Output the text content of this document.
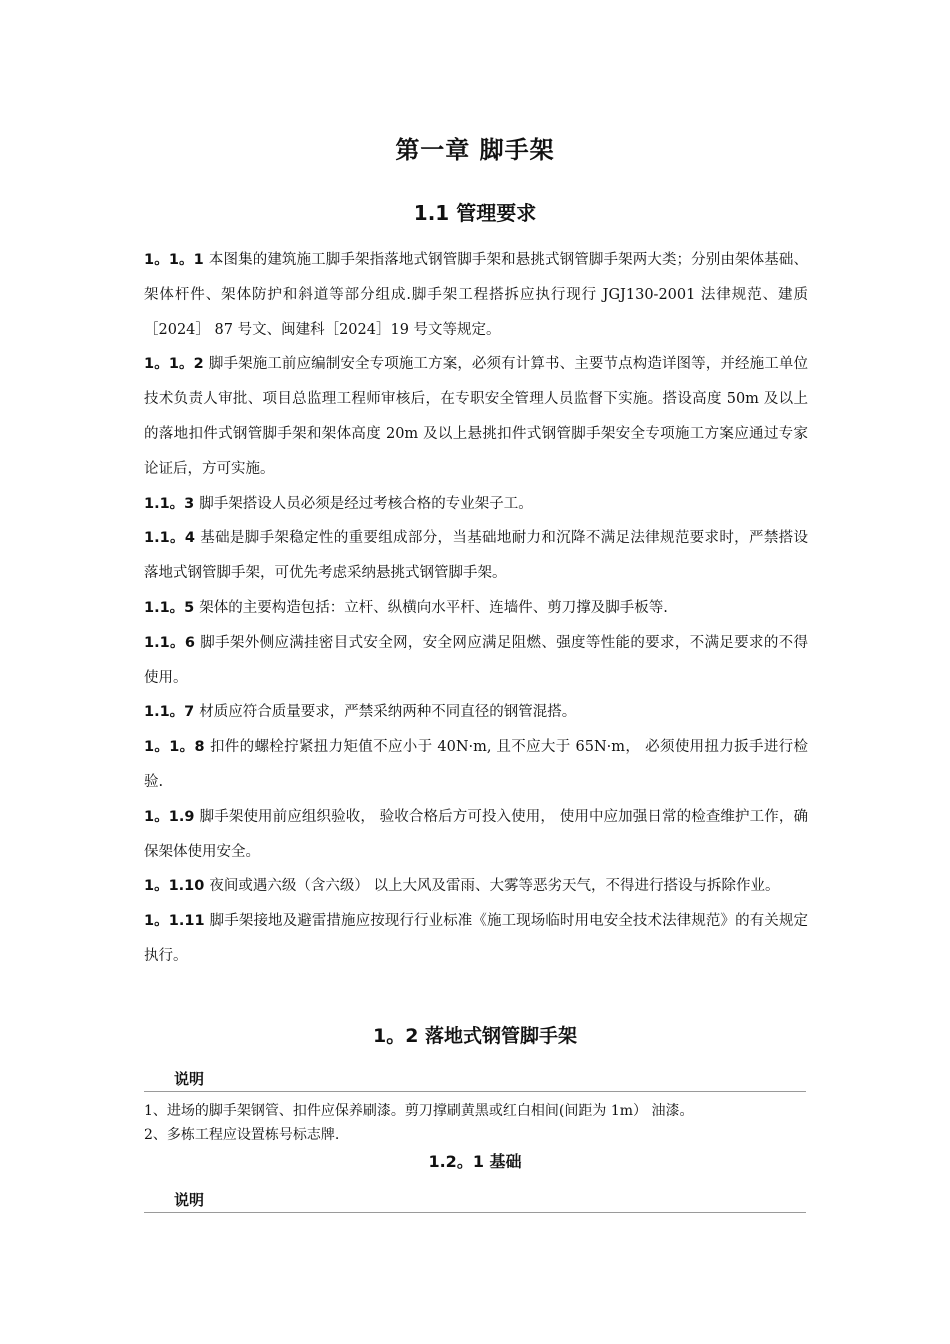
第一章 脚手架
1.1 管理要求

1。1。1 本图集的建筑施工脚手架指落地式钢管脚手架和悬挑式钢管脚手架两大类；分别由架体基础、架体杆件、架体防护和斜道等部分组成.脚手架工程搭拆应执行现行 JGJ130-2001 法律规范、建质［2024］ 87 号文、闽建科［2024］19 号文等规定。

1。1。2 脚手架施工前应编制安全专项施工方案，必须有计算书、主要节点构造详图等，并经施工单位技术负责人审批、项目总监理工程师审核后，在专职安全管理人员监督下实施。搭设高度 50m 及以上的落地扣件式钢管脚手架和架体高度 20m 及以上悬挑扣件式钢管脚手架安全专项施工方案应通过专家论证后，方可实施。

1.1。3 脚手架搭设人员必须是经过考核合格的专业架子工。

1.1。4 基础是脚手架稳定性的重要组成部分，当基础地耐力和沉降不满足法律规范要求时，严禁搭设落地式钢管脚手架，可优先考虑采纳悬挑式钢管脚手架。

1.1。5 架体的主要构造包括：立杆、纵横向水平杆、连墙件、剪刀撑及脚手板等.

1.1。6 脚手架外侧应满挂密目式安全网，安全网应满足阻燃、强度等性能的要求，不满足要求的不得使用。

1.1。7 材质应符合质量要求，严禁采纳两种不同直径的钢管混搭。

1。1。8 扣件的螺栓拧紧扭力矩值不应小于 40N·m, 且不应大于 65N·m， 必须使用扭力扳手进行检验.

1。1.9 脚手架使用前应组织验收， 验收合格后方可投入使用， 使用中应加强日常的检查维护工作，确保架体使用安全。

1。1.10 夜间或遇六级（含六级） 以上大风及雷雨、大雾等恶劣天气，不得进行搭设与拆除作业。

1。1.11 脚手架接地及避雷措施应按现行行业标准《施工现场临时用电安全技术法律规范》的有关规定执行。

1。2 落地式钢管脚手架
说明
1、进场的脚手架钢管、扣件应保养刷漆。剪刀撑刷黄黑或红白相间(间距为 1m） 油漆。
2、多栋工程应设置栋号标志牌.
1.2。1 基础
说明
